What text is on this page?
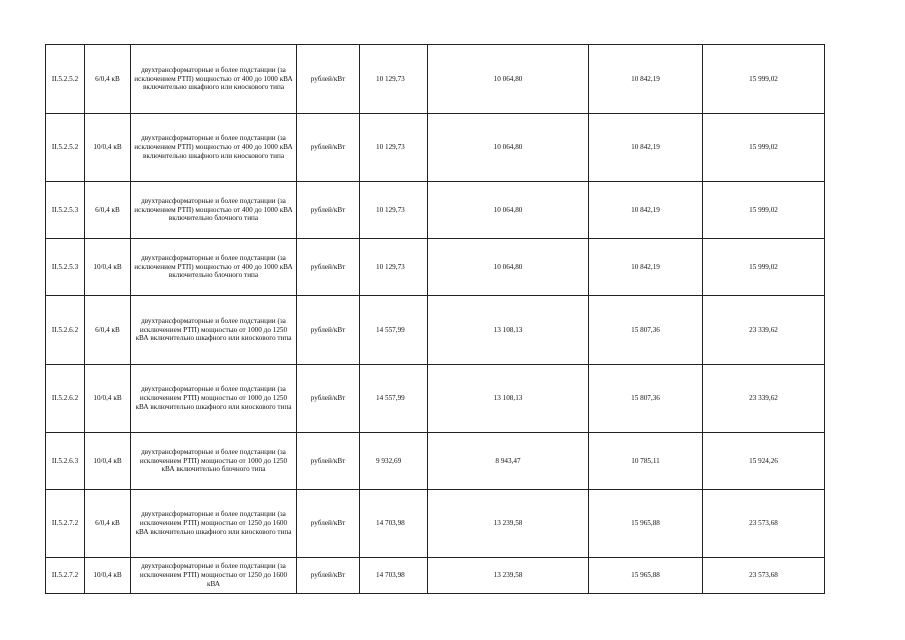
II.5.2.5.2	6/0,4 кВ	двухтрансформаторные и более подстанции (за исключением РТП) мощностью от 400 до 1000 кВА включительно шкафного или киоскового типа	рублей/кВт	10 129,73	10 064,80	10 842,19	15 999,02
II.5.2.5.2	10/0,4 кВ	двухтрансформаторные и более подстанции (за исключением РТП) мощностью от 400 до 1000 кВА включительно шкафного или киоскового типа	рублей/кВт	10 129,73	10 064,80	10 842,19	15 999,02
II.5.2.5.3	6/0,4 кВ	двухтрансформаторные и более подстанции (за исключением РТП) мощностью от 400 до 1000 кВА включительно блочного типа	рублей/кВт	10 129,73	10 064,80	10 842,19	15 999,02
II.5.2.5.3	10/0,4 кВ	двухтрансформаторные и более подстанции (за исключением РТП) мощностью от 400 до 1000 кВА включительно блочного типа	рублей/кВт	10 129,73	10 064,80	10 842,19	15 999,02
II.5.2.6.2	6/0,4 кВ	двухтрансформаторные и более подстанции (за исключением РТП) мощностью от 1000 до 1250 кВА включительно шкафного или киоскового типа	рублей/кВт	14 557,99	13 108,13	15 807,36	23 339,62
II.5.2.6.2	10/0,4 кВ	двухтрансформаторные и более подстанции (за исключением РТП) мощностью от 1000 до 1250 кВА включительно шкафного или киоскового типа	рублей/кВт	14 557,99	13 108,13	15 807,36	23 339,62
II.5.2.6.3	10/0,4 кВ	двухтрансформаторные и более подстанции (за исключением РТП) мощностью от 1000 до 1250 кВА включительно блочного типа	рублей/кВт	9 932,69	8 943,47	10 785,11	15 924,26
II.5.2.7.2	6/0,4 кВ	двухтрансформаторные и более подстанции (за исключением РТП) мощностью от 1250 до 1600 кВА включительно шкафного или киоскового типа	рублей/кВт	14 703,98	13 239,58	15 965,88	23 573,68
II.5.2.7.2	10/0,4 кВ	двухтрансформаторные и более подстанции (за исключением РТП) мощностью от 1250 до 1600 кВА	рублей/кВт	14 703,98	13 239,58	15 965,88	23 573,68
